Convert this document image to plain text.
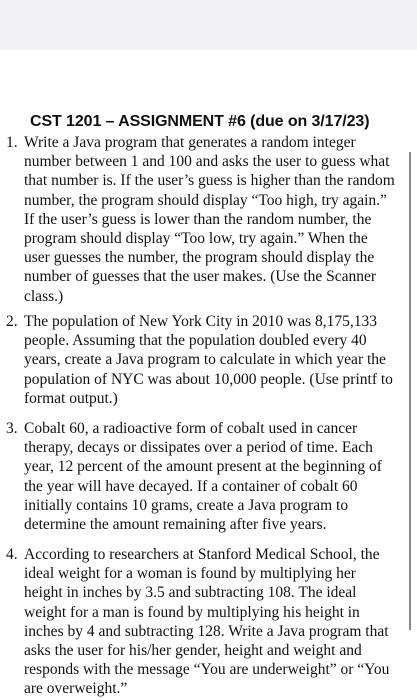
CST 1201 – ASSIGNMENT #6 (due on 3/17/23)
1. Write a Java program that generates a random integer
number between 1 and 100 and asks the user to guess what
that number is. If the user’s guess is higher than the random
number, the program should display “Too high, try again.”
If the user’s guess is lower than the random number, the
program should display “Too low, try again.” When the
user guesses the number, the program should display the
number of guesses that the user makes. (Use the Scanner
class.)

2. The population of New York City in 2010 was 8,175,133
people. Assuming that the population doubled every 40
years, create a Java program to calculate in which year the
population of NYC was about 10,000 people. (Use printf to
format output.)

3. Cobalt 60, a radioactive form of cobalt used in cancer
therapy, decays or dissipates over a period of time. Each
year, 12 percent of the amount present at the beginning of
the year will have decayed. If a container of cobalt 60
initially contains 10 grams, create a Java program to
determine the amount remaining after five years.

4. According to researchers at Stanford Medical School, the
ideal weight for a woman is found by multiplying her
height in inches by 3.5 and subtracting 108. The ideal
weight for a man is found by multiplying his height in
inches by 4 and subtracting 128. Write a Java program that
asks the user for his/her gender, height and weight and
responds with the message “You are underweight” or “You
are overweight.”
